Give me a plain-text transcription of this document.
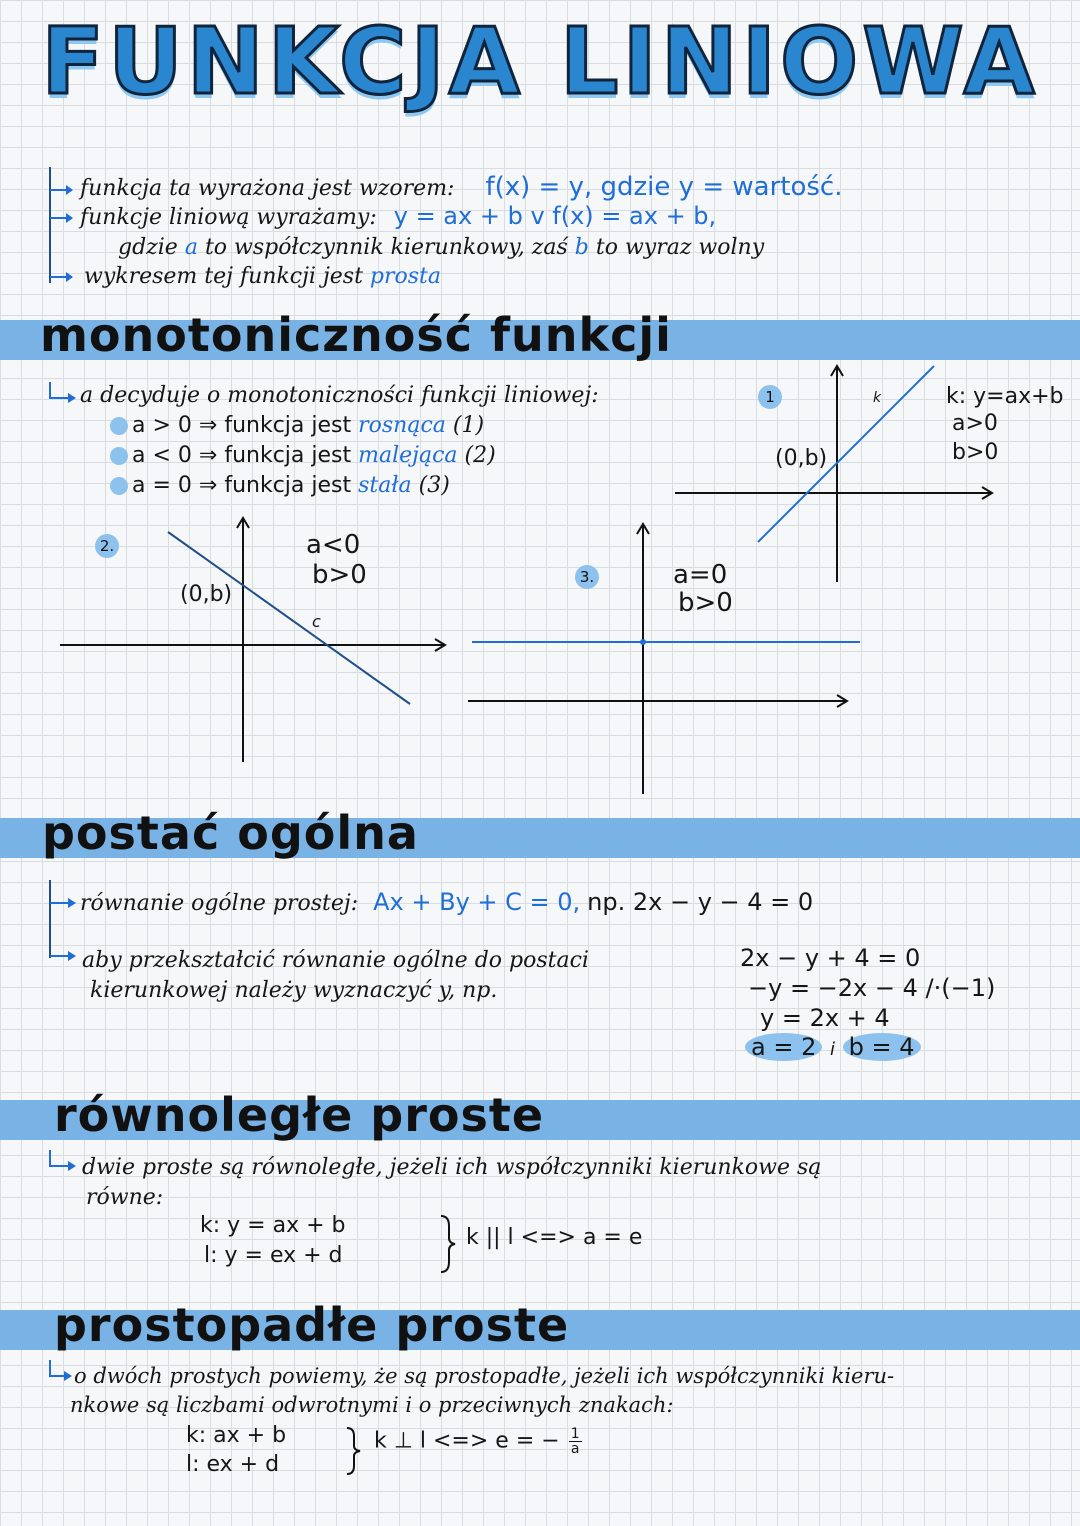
FUNKCJA LINIOWA
funkcja ta wyrażona jest wzorem: f(x) = y, gdzie y = wartość.
funkcje liniową wyrażamy: y = ax + b v f(x) = ax + b,
gdzie a to współczynnik kierunkowy, zaś b to wyraz wolny
wykresem tej funkcji jest prosta
monotoniczność funkcji
a decyduje o monotoniczności funkcji liniowej:
a > 0 ⇒ funkcja jest rosnąca (1)
a < 0 ⇒ funkcja jest malejąca (2)
a = 0 ⇒ funkcja jest stała (3)
1
(0,b)
k	k: y=ax+b
a>0
b>0
2.
(0,b)
a<0
b>0
c
3.	a=0
b>0
postać ogólna
równanie ogólne prostej: Ax + By + C = 0, np. 2x − y − 4 = 0
aby przekształcić równanie ogólne do postaci
kierunkowej należy wyznaczyć y, np.
2x − y + 4 = 0
−y = −2x − 4 /·(−1)
y = 2x + 4
a = 2 i b = 4
równoległe proste
dwie proste są równoległe, jeżeli ich współczynniki kierunkowe są
równe:
k: y = ax + b
l: y = ex + d
k || l <=> a = e
prostopadłe proste
o dwóch prostych powiemy, że są prostopadłe, jeżeli ich współczynniki kieru-
nkowe są liczbami odwrotnymi i o przeciwnych znakach:
k: ax + b
l: ex + d
k ⊥ l <=> e = − $\frac{1}{a}$
